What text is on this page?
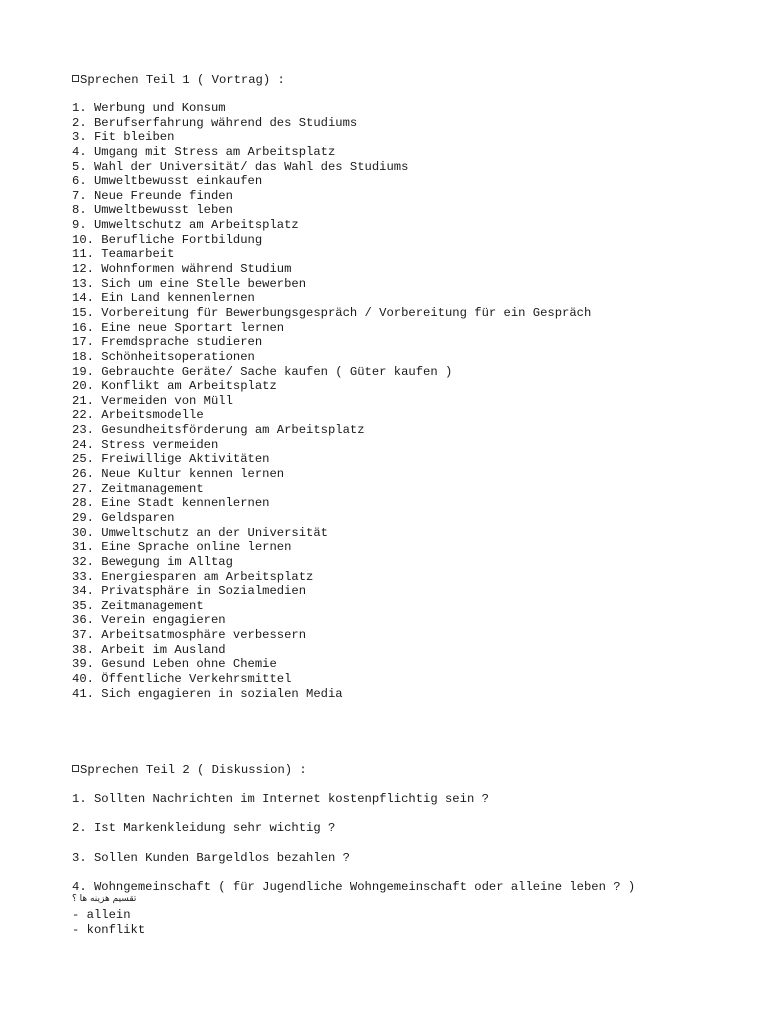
Sprechen Teil 1 ( Vortrag) :
1. Werbung und Konsum
2. Berufserfahrung während des Studiums
3. Fit bleiben
4. Umgang mit Stress am Arbeitsplatz
5. Wahl der Universität/ das Wahl des Studiums
6. Umweltbewusst einkaufen
7. Neue Freunde finden
8. Umweltbewusst leben
9. Umweltschutz am Arbeitsplatz
10. Berufliche Fortbildung
11. Teamarbeit
12. Wohnformen während Studium
13. Sich um eine Stelle bewerben
14. Ein Land kennenlernen
15. Vorbereitung für Bewerbungsgespräch / Vorbereitung für ein Gespräch
16. Eine neue Sportart lernen
17. Fremdsprache studieren
18. Schönheitsoperationen
19. Gebrauchte Geräte/ Sache kaufen ( Güter kaufen )
20. Konflikt am Arbeitsplatz
21. Vermeiden von Müll
22. Arbeitsmodelle
23. Gesundheitsförderung am Arbeitsplatz
24. Stress vermeiden
25. Freiwillige Aktivitäten
26. Neue Kultur kennen lernen
27. Zeitmanagement
28. Eine Stadt kennenlernen
29. Geldsparen
30. Umweltschutz an der Universität
31. Eine Sprache online lernen
32. Bewegung im Alltag
33. Energiesparen am Arbeitsplatz
34. Privatsphäre in Sozialmedien
35. Zeitmanagement
36. Verein engagieren
37. Arbeitsatmosphäre verbessern
38. Arbeit im Ausland
39. Gesund Leben ohne Chemie
40. Öffentliche Verkehrsmittel
41. Sich engagieren in sozialen Media
Sprechen Teil 2 ( Diskussion) :
1. Sollten Nachrichten im Internet kostenpflichtig sein ?
2. Ist Markenkleidung sehr wichtig ?
3. Sollen Kunden Bargeldlos bezahlen ?
4. Wohngemeinschaft ( für Jugendliche Wohngemeinschaft oder alleine leben ? )
تقسیم هزینه ها ؟
- allein
- konflikt
